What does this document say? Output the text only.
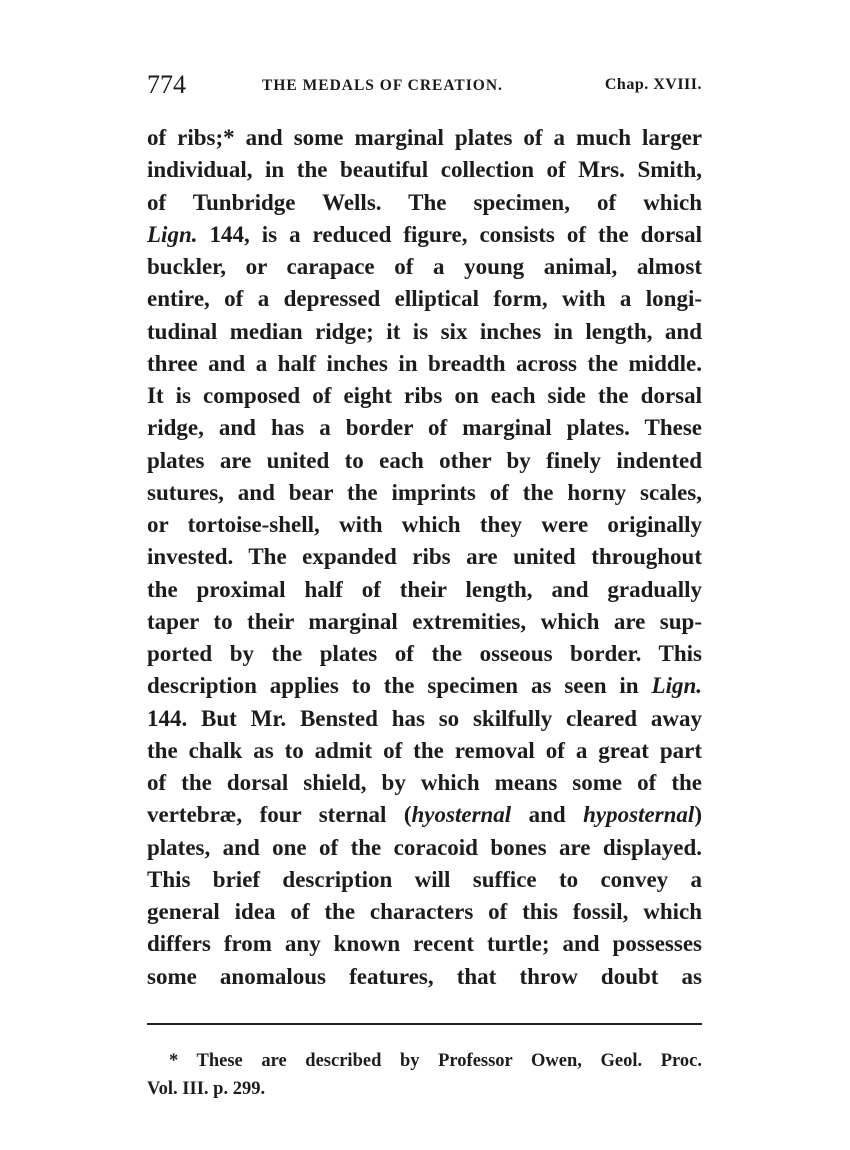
774	THE MEDALS OF CREATION.	Chap. XVIII.
of ribs;* and some marginal plates of a much larger
individual, in the beautiful collection of Mrs. Smith,
of Tunbridge Wells. The specimen, of which
Lign. 144, is a reduced figure, consists of the dorsal
buckler, or carapace of a young animal, almost
entire, of a depressed elliptical form, with a longi-
tudinal median ridge; it is six inches in length, and
three and a half inches in breadth across the middle.
It is composed of eight ribs on each side the dorsal
ridge, and has a border of marginal plates. These
plates are united to each other by finely indented
sutures, and bear the imprints of the horny scales,
or tortoise-shell, with which they were originally
invested. The expanded ribs are united throughout
the proximal half of their length, and gradually
taper to their marginal extremities, which are sup-
ported by the plates of the osseous border. This
description applies to the specimen as seen in Lign.
144. But Mr. Bensted has so skilfully cleared away
the chalk as to admit of the removal of a great part
of the dorsal shield, by which means some of the
vertebræ, four sternal (hyosternal and hyposternal)
plates, and one of the coracoid bones are displayed.
This brief description will suffice to convey a
general idea of the characters of this fossil, which
differs from any known recent turtle; and possesses
some anomalous features, that throw doubt as
* These are described by Professor Owen, Geol. Proc.
Vol. III. p. 299.
